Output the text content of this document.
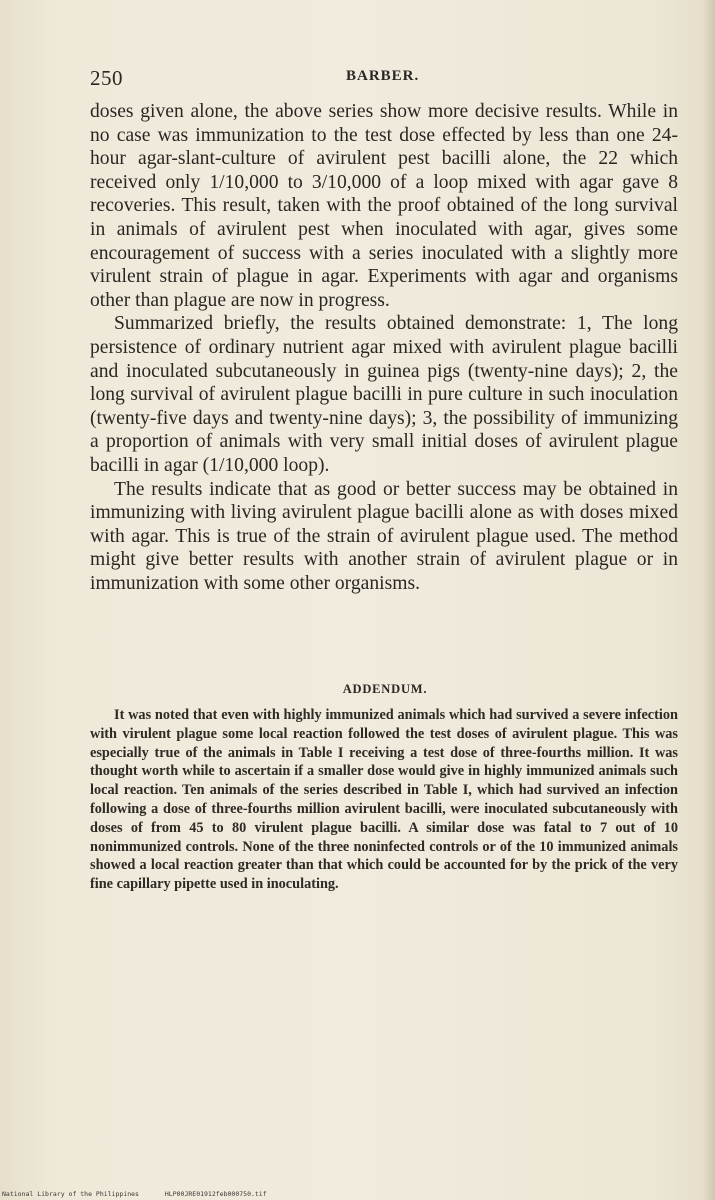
250	BARBER.

doses given alone, the above series show more decisive results. While in no case was immunization to the test dose effected by less than one 24-hour agar-slant-culture of avirulent pest bacilli alone, the 22 which received only 1/10,000 to 3/10,000 of a loop mixed with agar gave 8 recoveries. This result, taken with the proof obtained of the long survival in animals of avirulent pest when inoculated with agar, gives some encouragement of success with a series inoculated with a slightly more virulent strain of plague in agar. Experiments with agar and organisms other than plague are now in progress.

Summarized briefly, the results obtained demonstrate: 1, The long persistence of ordinary nutrient agar mixed with avirulent plague bacilli and inoculated subcutaneously in guinea pigs (twenty-nine days); 2, the long survival of avirulent plague bacilli in pure culture in such inoculation (twenty-five days and twenty-nine days); 3, the possibility of immunizing a proportion of animals with very small initial doses of avirulent plague bacilli in agar (1/10,000 loop).

The results indicate that as good or better success may be obtained in immunizing with living avirulent plague bacilli alone as with doses mixed with agar. This is true of the strain of avirulent plague used. The method might give better results with another strain of avirulent plague or in immunization with some other organisms.

ADDENDUM.

It was noted that even with highly immunized animals which had survived a severe infection with virulent plague some local reaction followed the test doses of avirulent plague. This was especially true of the animals in Table I receiving a test dose of three-fourths million. It was thought worth while to ascertain if a smaller dose would give in highly immunized animals such local reaction. Ten animals of the series described in Table I, which had survived an infection following a dose of three-fourths million avirulent bacilli, were inoculated subcutaneously with doses of from 45 to 80 virulent plague bacilli. A similar dose was fatal to 7 out of 10 nonimmunized controls. None of the three noninfected controls or of the 10 immunized animals showed a local reaction greater than that which could be accounted for by the prick of the very fine capillary pipette used in inoculating.

National Library of the Philippines	HLP00JRE01912feb000750.tif
